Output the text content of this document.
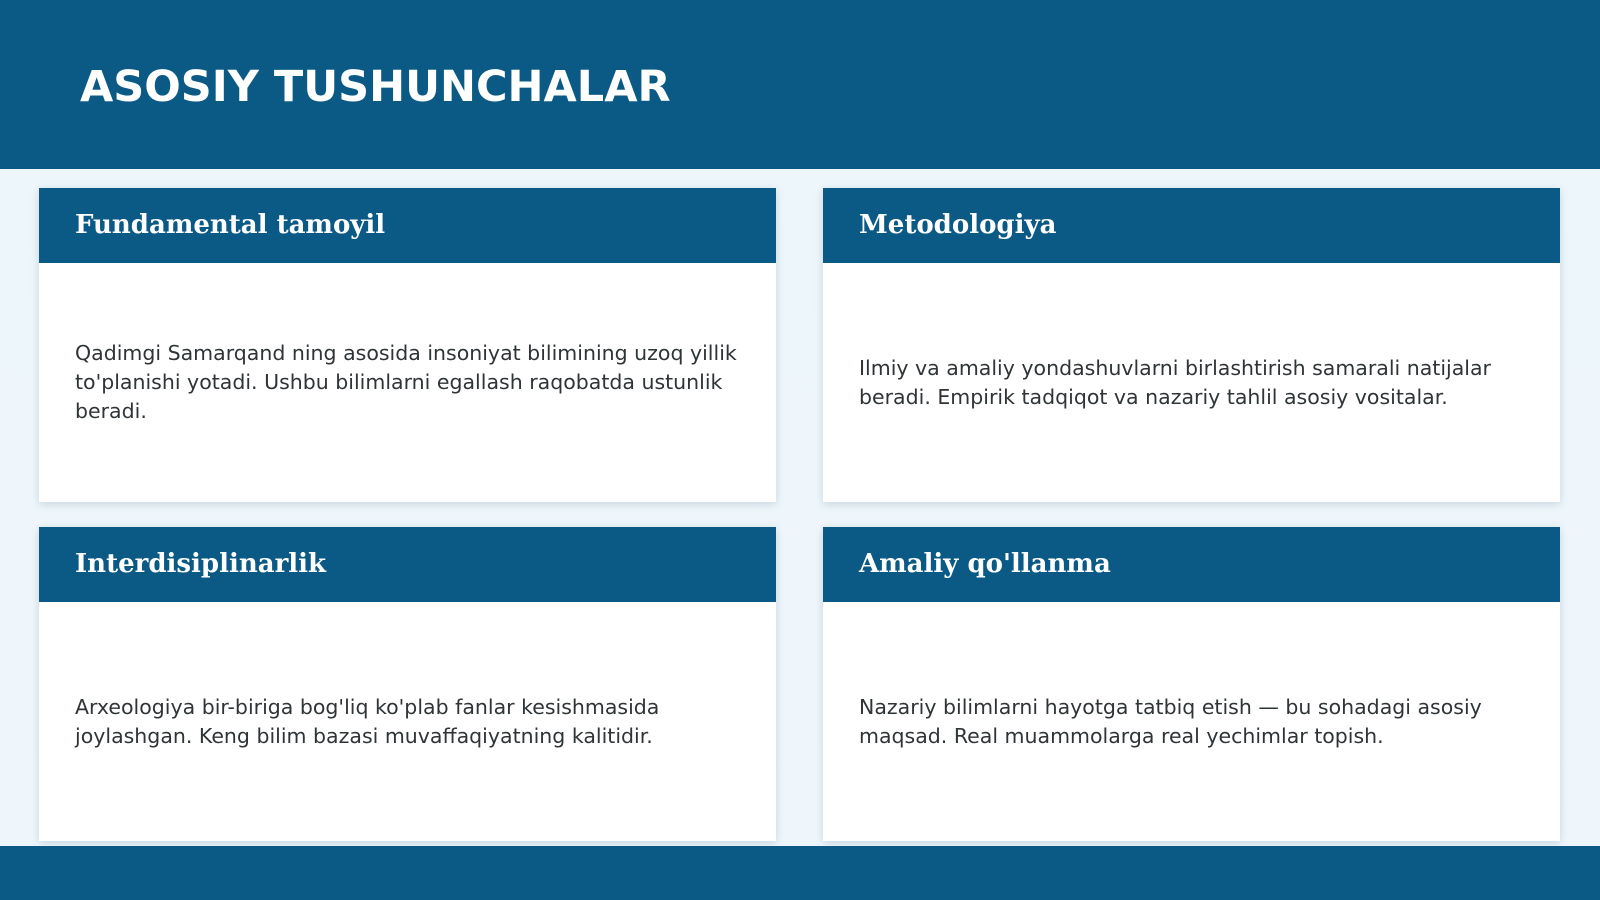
ASOSIY TUSHUNCHALAR
Fundamental tamoyil

Qadimgi Samarqand ning asosida insoniyat bilimining uzoq yillik to'planishi yotadi. Ushbu bilimlarni egallash raqobatda ustunlik beradi.

Metodologiya

Ilmiy va amaliy yondashuvlarni birlashtirish samarali natijalar beradi. Empirik tadqiqot va nazariy tahlil asosiy vositalar.

Interdisiplinarlik

Arxeologiya bir-biriga bog'liq ko'plab fanlar kesishmasida joylashgan. Keng bilim bazasi muvaffaqiyatning kalitidir.

Amaliy qo'llanma

Nazariy bilimlarni hayotga tatbiq etish — bu sohadagi asosiy maqsad. Real muammolarga real yechimlar topish.
